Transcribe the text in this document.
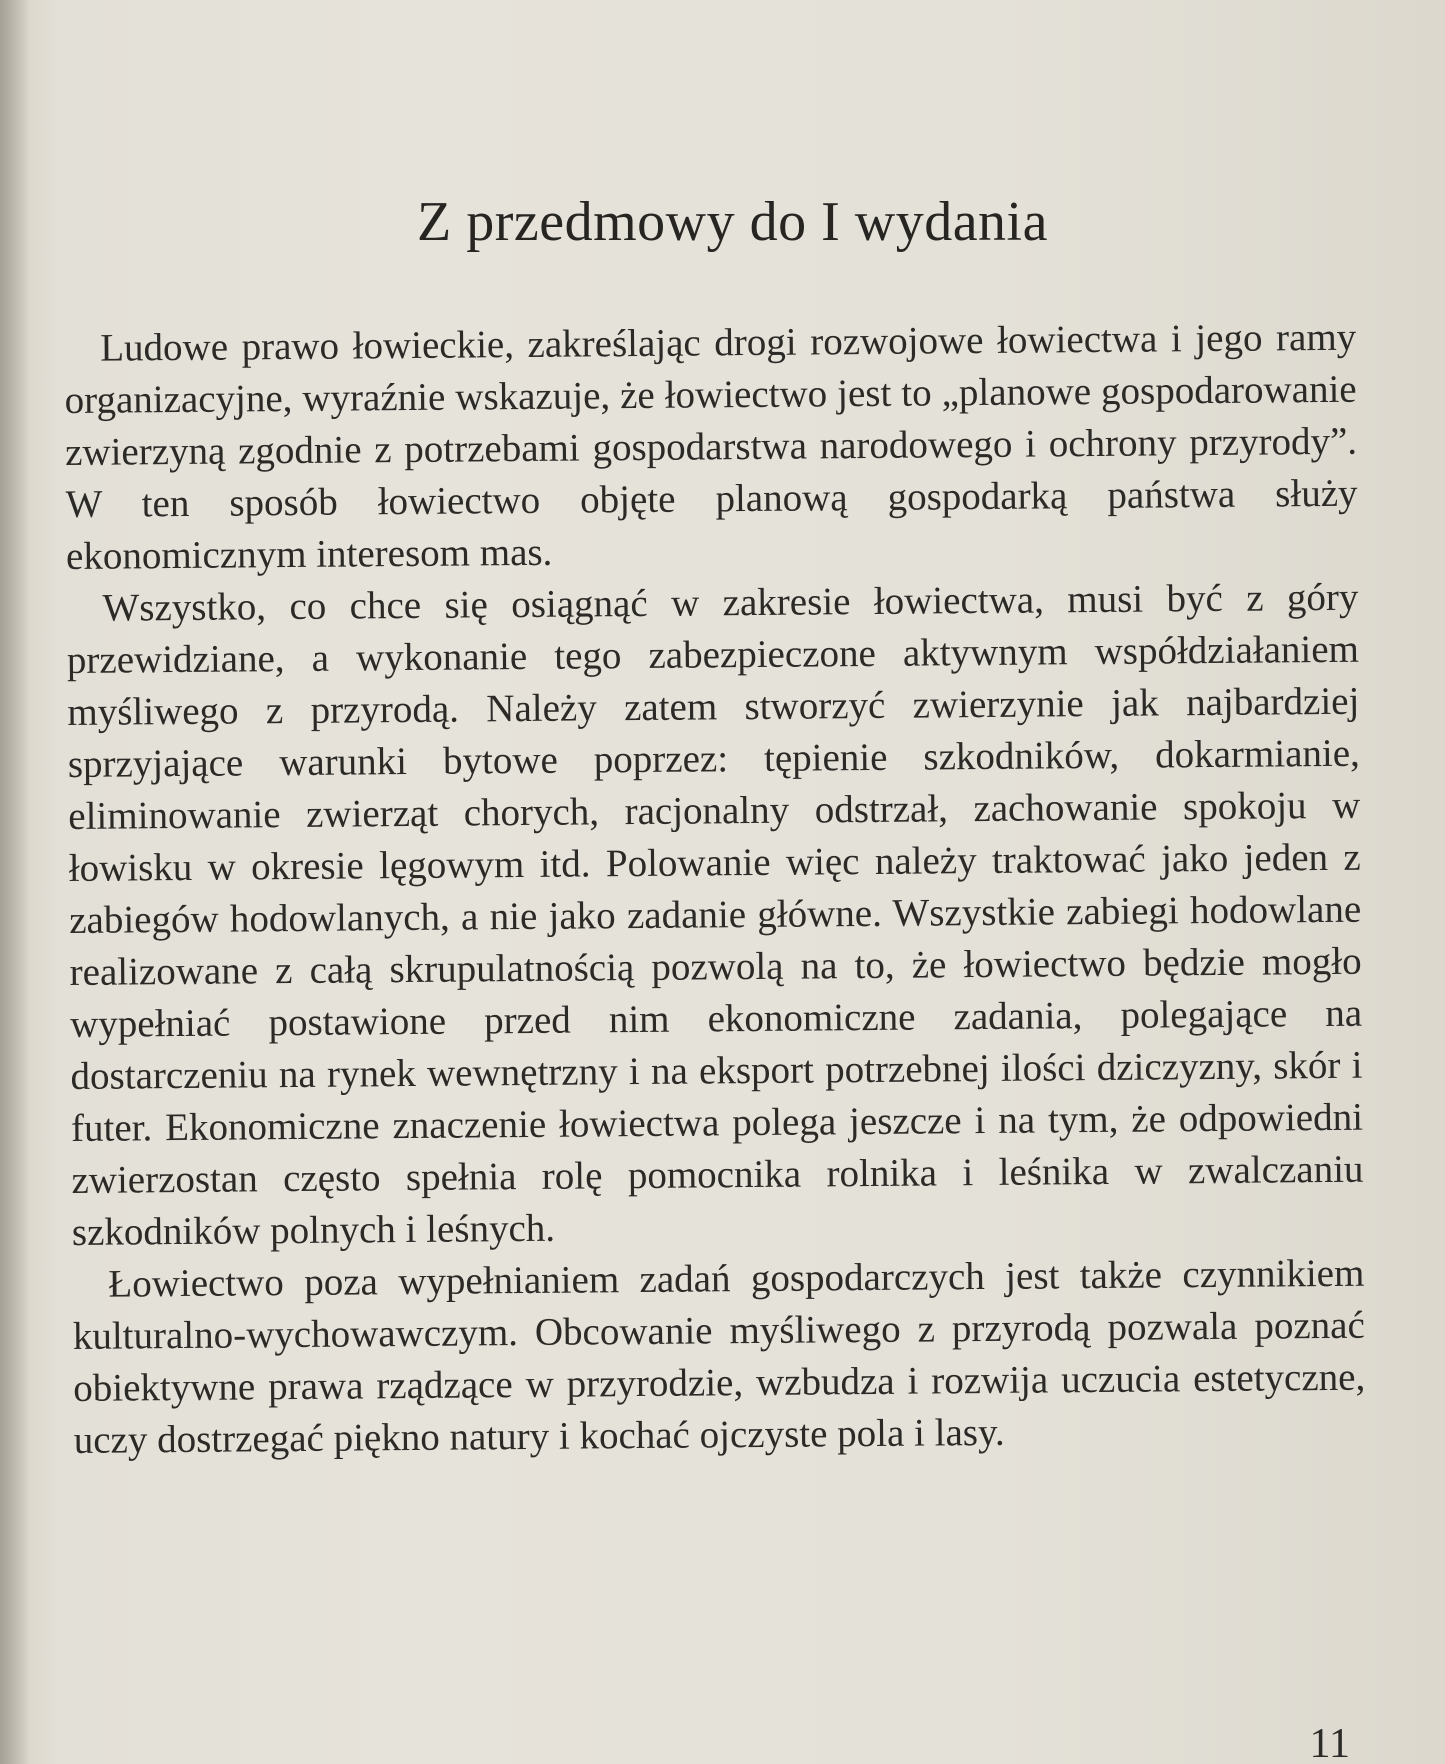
Z przedmowy do I wydania

Ludowe prawo łowieckie, zakreślając drogi rozwojowe łowiectwa i jego ramy organizacyjne, wyraźnie wskazuje, że łowiectwo jest to „planowe gospodarowanie zwierzyną zgodnie z potrzebami gospodarstwa narodowego i ochrony przyrody”. W ten sposób łowiectwo objęte planową gospodarką państwa służy ekonomicznym interesom mas.

Wszystko, co chce się osiągnąć w zakresie łowiectwa, musi być z góry przewidziane, a wykonanie tego zabezpieczone aktywnym współdziałaniem myśliwego z przyrodą. Należy zatem stworzyć zwierzynie jak najbardziej sprzyjające warunki bytowe poprzez: tępienie szkodników, dokarmianie, eliminowanie zwierząt chorych, racjonalny odstrzał, zachowanie spokoju w łowisku w okresie lęgowym itd. Polowanie więc należy traktować jako jeden z zabiegów hodowlanych, a nie jako zadanie główne. Wszystkie zabiegi hodowlane realizowane z całą skrupulatnością pozwolą na to, że łowiectwo będzie mogło wypełniać postawione przed nim ekonomiczne zadania, polegające na dostarczeniu na rynek wewnętrzny i na eksport potrzebnej ilości dziczyzny, skór i futer. Ekonomiczne znaczenie łowiectwa polega jeszcze i na tym, że odpowiedni zwierzostan często spełnia rolę pomocnika rolnika i leśnika w zwalczaniu szkodników polnych i leśnych.

Łowiectwo poza wypełnianiem zadań gospodarczych jest także czynnikiem kulturalno-wychowawczym. Obcowanie myśliwego z przyrodą pozwala poznać obiektywne prawa rządzące w przyrodzie, wzbudza i rozwija uczucia estetyczne, uczy dostrzegać piękno natury i kochać ojczyste pola i lasy.

11
